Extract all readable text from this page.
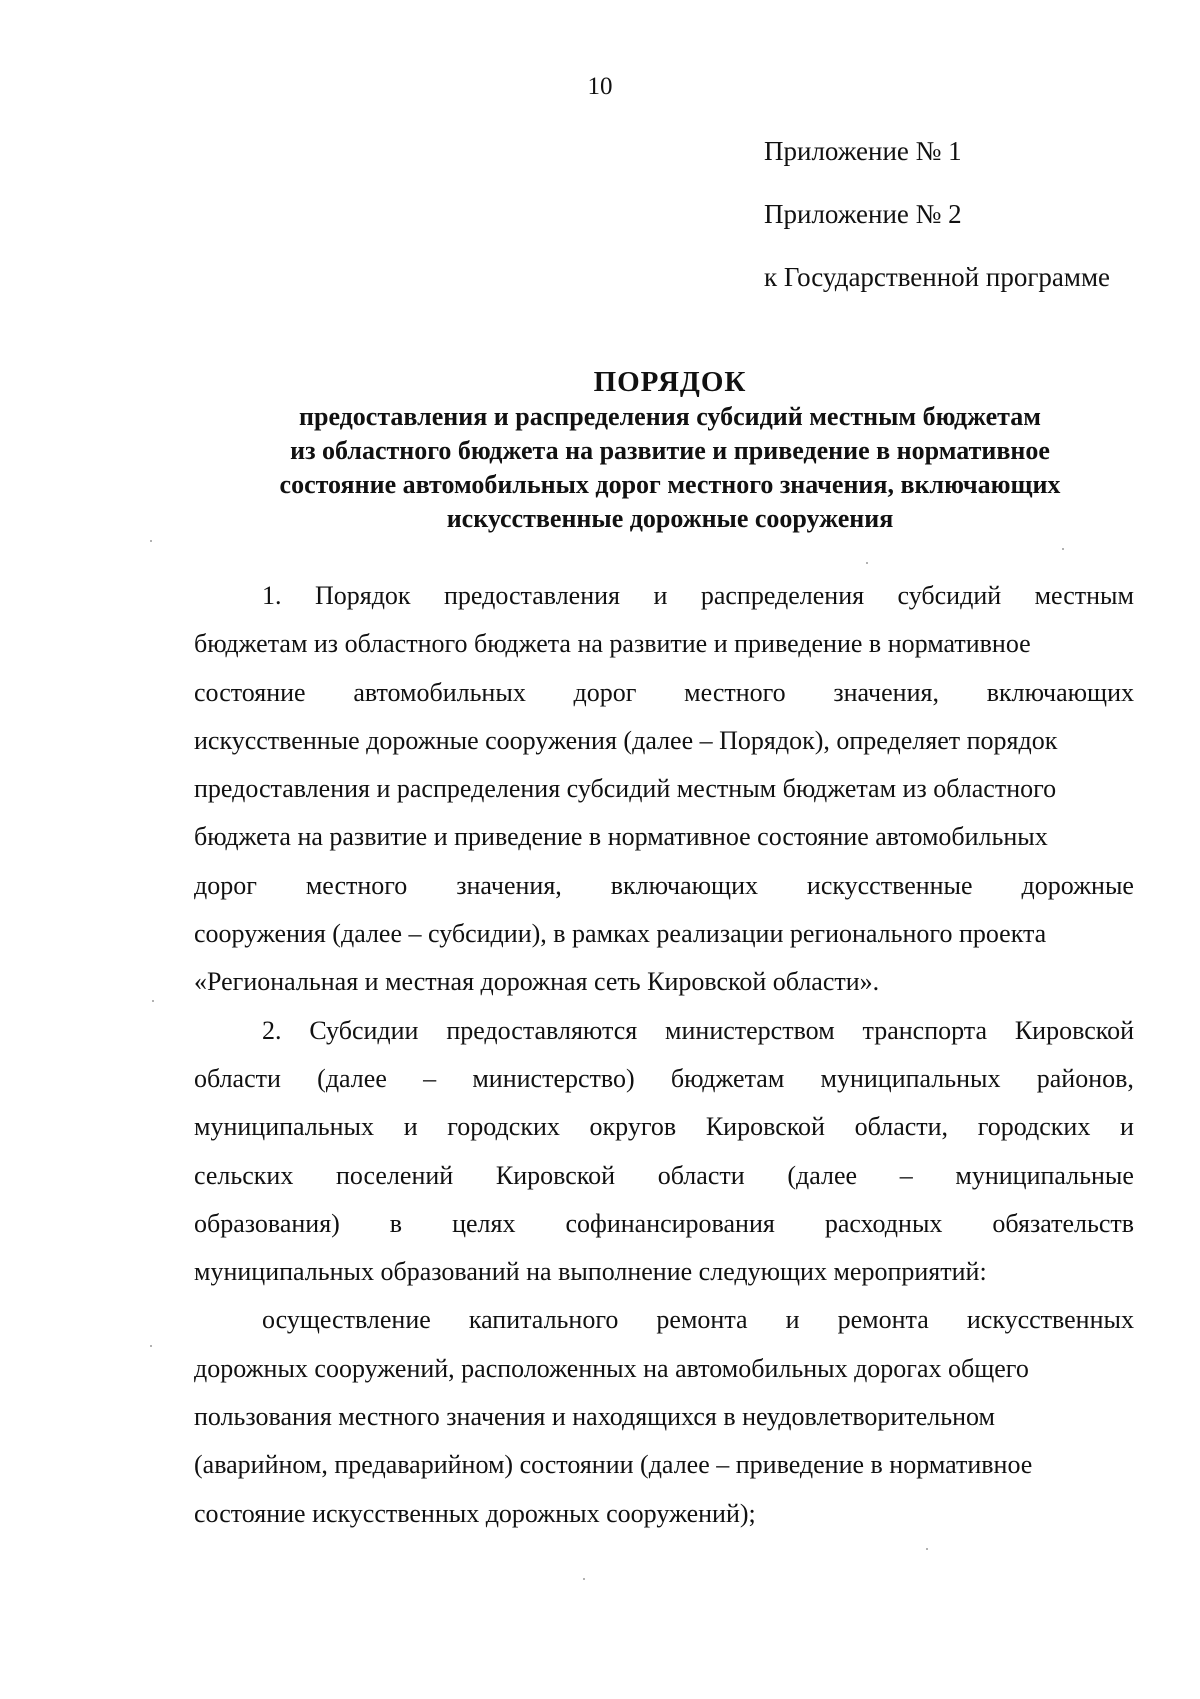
10
Приложение № 1
Приложение № 2
к Государственной программе
ПОРЯДОК
предоставления и распределения субсидий местным бюджетам
из областного бюджета на развитие и приведение в нормативное
состояние автомобильных дорог местного значения, включающих
искусственные дорожные сооружения
1. Порядок предоставления и распределения субсидий местным
бюджетам из областного бюджета на развитие и приведение в нормативное
состояние автомобильных дорог местного значения, включающих
искусственные дорожные сооружения (далее – Порядок), определяет порядок
предоставления и распределения субсидий местным бюджетам из областного
бюджета на развитие и приведение в нормативное состояние автомобильных
дорог местного значения, включающих искусственные дорожные
сооружения (далее – субсидии), в рамках реализации регионального проекта
«Региональная и местная дорожная сеть Кировской области».
2. Субсидии предоставляются министерством транспорта Кировской
области (далее – министерство) бюджетам муниципальных районов,
муниципальных и городских округов Кировской области, городских и
сельских поселений Кировской области (далее – муниципальные
образования) в целях софинансирования расходных обязательств
муниципальных образований на выполнение следующих мероприятий:
осуществление капитального ремонта и ремонта искусственных
дорожных сооружений, расположенных на автомобильных дорогах общего
пользования местного значения и находящихся в неудовлетворительном
(аварийном, предаварийном) состоянии (далее – приведение в нормативное
состояние искусственных дорожных сооружений);
